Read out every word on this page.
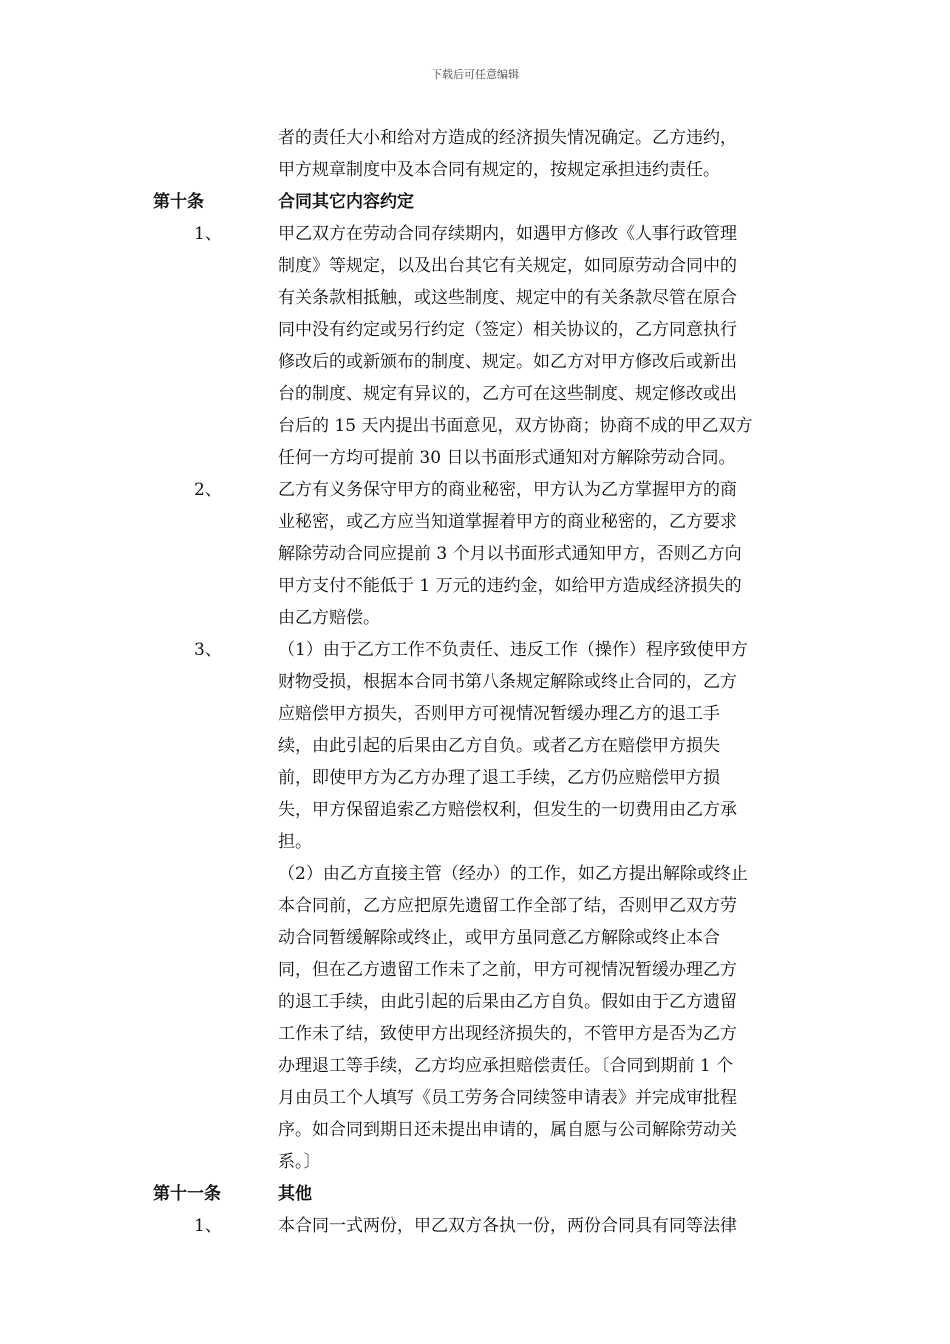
下载后可任意编辑
者的责任大小和给对方造成的经济损失情况确定。乙方违约，
甲方规章制度中及本合同有规定的，按规定承担违约责任。
第十条	合同其它内容约定
1、	甲乙双方在劳动合同存续期内，如遇甲方修改《人事行政管理
制度》等规定，以及出台其它有关规定，如同原劳动合同中的
有关条款相抵触，或这些制度、规定中的有关条款尽管在原合
同中没有约定或另行约定（签定）相关协议的，乙方同意执行
修改后的或新颁布的制度、规定。如乙方对甲方修改后或新出
台的制度、规定有异议的，乙方可在这些制度、规定修改或出
台后的 15 天内提出书面意见，双方协商；协商不成的甲乙双方
任何一方均可提前 30 日以书面形式通知对方解除劳动合同。
2、	乙方有义务保守甲方的商业秘密，甲方认为乙方掌握甲方的商
业秘密，或乙方应当知道掌握着甲方的商业秘密的，乙方要求
解除劳动合同应提前 3 个月以书面形式通知甲方，否则乙方向
甲方支付不能低于 1 万元的违约金，如给甲方造成经济损失的
由乙方赔偿。
3、	（1）由于乙方工作不负责任、违反工作（操作）程序致使甲方
财物受损，根据本合同书第八条规定解除或终止合同的，乙方
应赔偿甲方损失，否则甲方可视情况暂缓办理乙方的退工手
续，由此引起的后果由乙方自负。或者乙方在赔偿甲方损失
前，即使甲方为乙方办理了退工手续，乙方仍应赔偿甲方损
失，甲方保留追索乙方赔偿权利，但发生的一切费用由乙方承
担。
（2）由乙方直接主管（经办）的工作，如乙方提出解除或终止
本合同前，乙方应把原先遗留工作全部了结，否则甲乙双方劳
动合同暂缓解除或终止，或甲方虽同意乙方解除或终止本合
同，但在乙方遗留工作未了之前，甲方可视情况暂缓办理乙方
的退工手续，由此引起的后果由乙方自负。假如由于乙方遗留
工作未了结，致使甲方出现经济损失的，不管甲方是否为乙方
办理退工等手续，乙方均应承担赔偿责任。〔合同到期前 1 个
月由员工个人填写《员工劳务合同续签申请表》并完成审批程
序。如合同到期日还未提出申请的，属自愿与公司解除劳动关
系。〕
第十一条	其他
1、	本合同一式两份，甲乙双方各执一份，两份合同具有同等法律
